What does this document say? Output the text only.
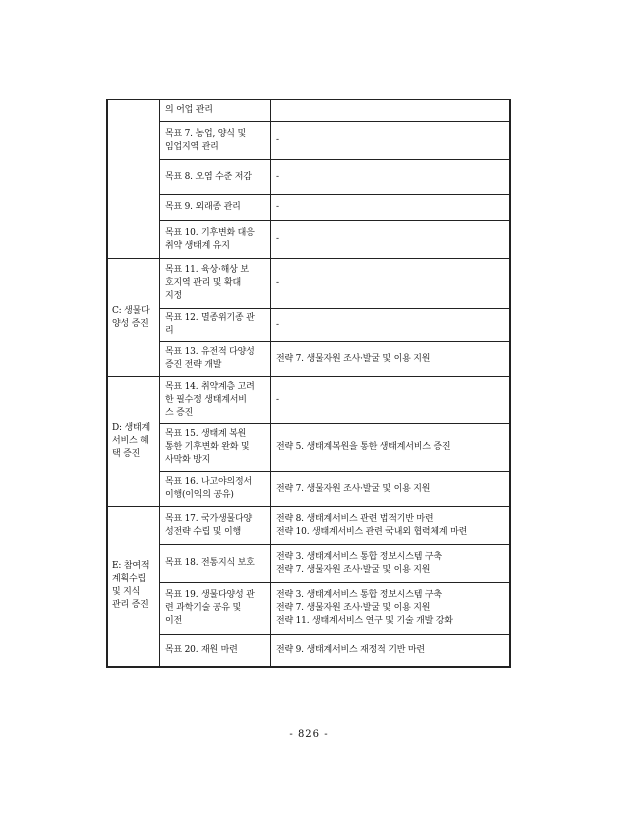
	의 어업 관리	

	목표 7. 농업, 양식 및
임업지역 관리	-

	목표 8. 오염 수준 저감	-

	목표 9. 외래종 관리	-

	목표 10. 기후변화 대응
취약 생태계 유지	-

C: 생물다
양성 증진	목표 11. 육상·해상 보
호지역 관리 및 확대
지정	-

	목표 12. 멸종위기종 관
리	-

	목표 13. 유전적 다양성
증진 전략 개발	전략 7. 생물자원 조사·발굴 및 이용 지원

D: 생태계
서비스 혜
택 증진	목표 14. 취약계층 고려
한 필수정 생태계서비
스 증진	-

	목표 15. 생태계 복원
통한 기후변화 완화 및
사막화 방지	전략 5. 생태계복원을 통한 생태계서비스 증진

	목표 16. 나고야의정서
이행(이익의 공유)	전략 7. 생물자원 조사·발굴 및 이용 지원

E: 참여적
계획수립
및 지식
관리 증진	목표 17. 국가생물다양
성전략 수립 및 이행	전략 8. 생태계서비스 관련 법적기반 마련
전략 10. 생태계서비스 관련 국내외 협력체계 마련

	목표 18. 전통지식 보호	전략 3. 생태계서비스 통합 정보시스템 구축
전략 7. 생물자원 조사·발굴 및 이용 지원

	목표 19. 생물다양성 관
련 과학기술 공유 및
이전	전략 3. 생태계서비스 통합 정보시스템 구축
전략 7. 생물자원 조사·발굴 및 이용 지원
전략 11. 생태계서비스 연구 및 기술 개발 강화

	목표 20. 재원 마련	전략 9. 생태계서비스 재정적 기반 마련
- 826 -
